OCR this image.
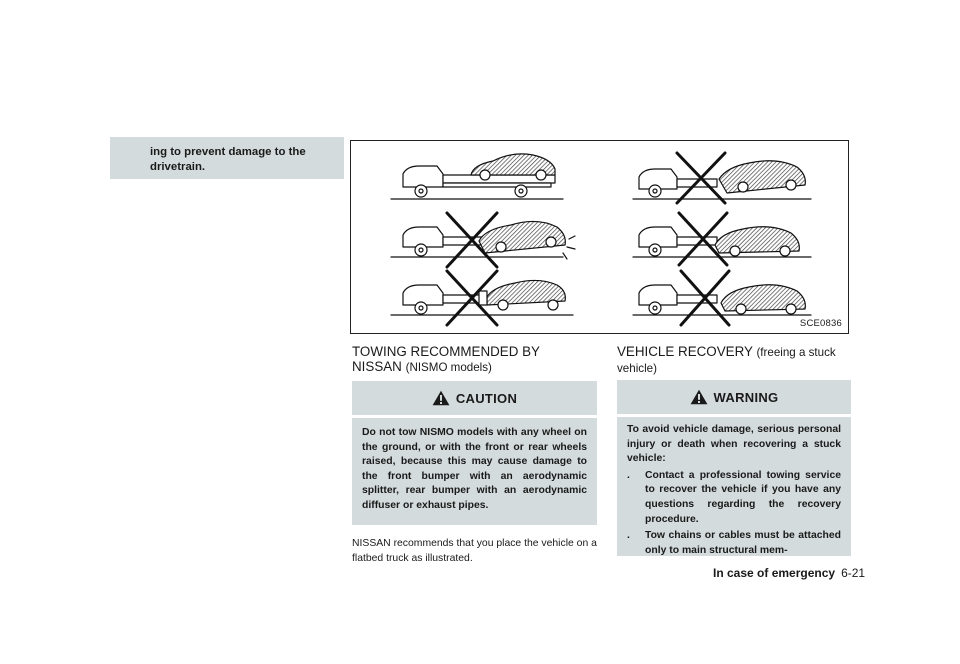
ing to prevent damage to the drivetrain.
SCE0836
TOWING RECOMMENDED BY NISSAN (NISMO models)
CAUTION
Do not tow NISMO models with any wheel on the ground, or with the front or rear wheels raised, because this may cause damage to the front bumper with an aerodynamic splitter, rear bumper with an aerodynamic diffuser or exhaust pipes.
NISSAN recommends that you place the vehicle on a flatbed truck as illustrated.
VEHICLE RECOVERY (freeing a stuck vehicle)
WARNING
To avoid vehicle damage, serious personal injury or death when recovering a stuck vehicle:
.	Contact a professional towing service to recover the vehicle if you have any questions regarding the recovery procedure.
.	Tow chains or cables must be attached only to main structural mem-
In case of emergency 6-21
